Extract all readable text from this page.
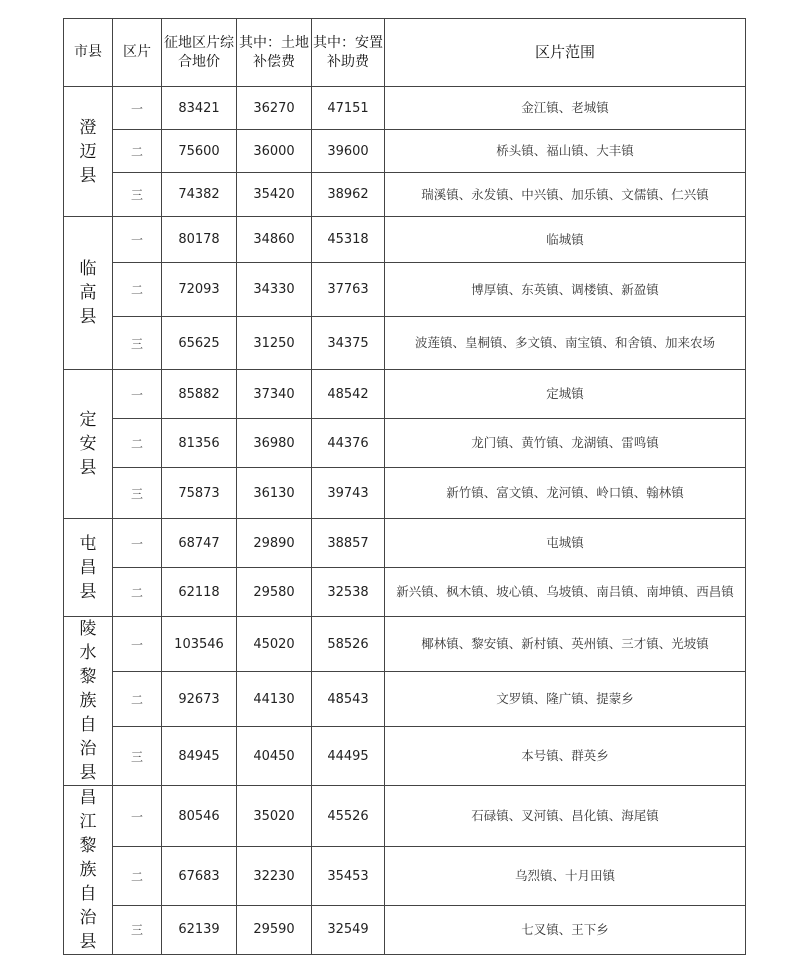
市县	区片	征地区片综合地价	其中：土地补偿费	其中：安置补助费	区片范围

澄迈县	一	83421	36270	47151	金江镇、老城镇
	二	75600	36000	39600	桥头镇、福山镇、大丰镇
	三	74382	35420	38962	瑞溪镇、永发镇、中兴镇、加乐镇、文儒镇、仁兴镇

临高县	一	80178	34860	45318	临城镇
	二	72093	34330	37763	博厚镇、东英镇、调楼镇、新盈镇
	三	65625	31250	34375	波莲镇、皇桐镇、多文镇、南宝镇、和舍镇、加来农场

定安县	一	85882	37340	48542	定城镇
	二	81356	36980	44376	龙门镇、黄竹镇、龙湖镇、雷鸣镇
	三	75873	36130	39743	新竹镇、富文镇、龙河镇、岭口镇、翰林镇

屯昌县	一	68747	29890	38857	屯城镇
	二	62118	29580	32538	新兴镇、枫木镇、坡心镇、乌坡镇、南吕镇、南坤镇、西昌镇

陵水黎族自治县	一	103546	45020	58526	椰林镇、黎安镇、新村镇、英州镇、三才镇、光坡镇
	二	92673	44130	48543	文罗镇、隆广镇、提蒙乡
	三	84945	40450	44495	本号镇、群英乡

昌江黎族自治县	一	80546	35020	45526	石碌镇、叉河镇、昌化镇、海尾镇
	二	67683	32230	35453	乌烈镇、十月田镇
	三	62139	29590	32549	七叉镇、王下乡
